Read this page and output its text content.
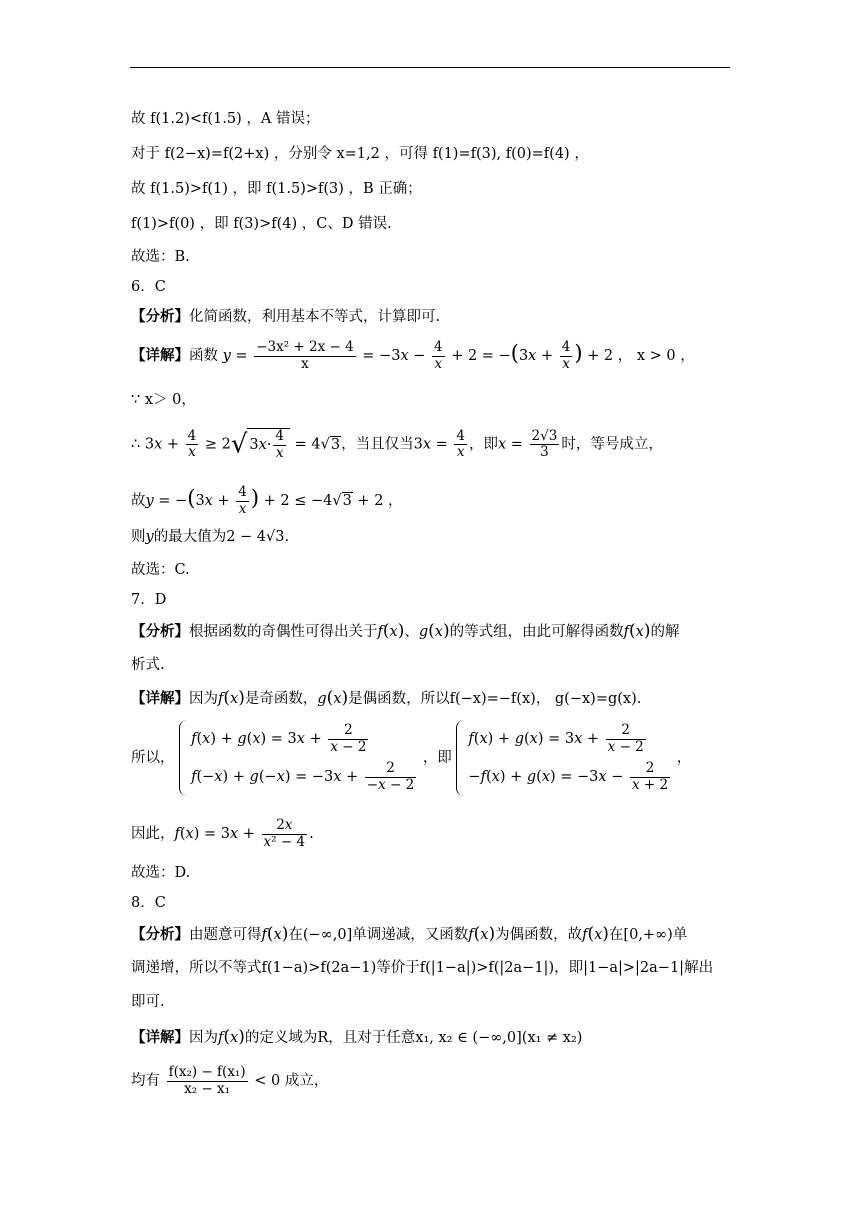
故 f(1.2)<f(1.5) ，A 错误；
对于 f(2−x)=f(2+x) ，分别令 x=1,2 ，可得 f(1)=f(3), f(0)=f(4) ，
故 f(1.5)>f(1) ，即 f(1.5)>f(3) ，B 正确；
f(1)>f(0) ，即 f(3)>f(4) ，C、D 错误.
故选：B.
6．C
【分析】化简函数，利用基本不等式，计算即可.
【详解】函数 $y = \frac{\text{−3x² + 2x − 4}}{x} = -3x - \frac{4}{x} + 2 = -(3x + \frac{4}{x}$ ) + 2 ， x > 0 ，
∵ x＞ 0，
∴ $3x + \frac{4}{x} \ge 2√$ $3x\cdot \frac{4}{x} = 4√3$，当且仅当$3x = \frac{4}{x}$ ，即$x = \frac{2√3}{3}$ 时，等号成立，
故$y = -(3x + \frac{4}{x}$ ) + 2 ≤ −4√3 + 2 ，
则y的最大值为2 − 4√3.
故选：C.
7．D
【分析】根据函数的奇偶性可得出关于f(x)、g(x)的等式组，由此可解得函数f(x)的解
析式.
【详解】因为f(x)是奇函数，g(x)是偶函数，所以f(−x)=−f(x)， g(−x)=g(x).
所以，
$f(x) + g(x) = 3x + \frac{2}{x - 2}$
$f(-x) + g(-x) = -3x + \frac{2}{-x - 2}$
，即
$f(x) + g(x) = 3x + \frac{2}{x - 2}$
$-f(x) + g(x) = -3x - \frac{2}{x + 2}$
，
因此，$f(x) = 3x + \frac{2x}{\text{x² − 4}}$ .
故选：D.
8．C
【分析】由题意可得f(x)在(−∞,0]单调递减，又函数f(x)为偶函数，故f(x)在[0,+∞)单
调递增，所以不等式f(1−a)>f(2a−1)等价于f(|1−a|)>f(|2a−1|)，即|1−a|>|2a−1|解出
即可.
【详解】因为f(x)的定义域为R，且对于任意x₁, x₂ ∈ (−∞,0](x₁ ≠ x₂)
均有 $\frac{\text{f(x₂) − f(x₁)}}{\text{x₂ − x₁}} < 0$ 成立，
